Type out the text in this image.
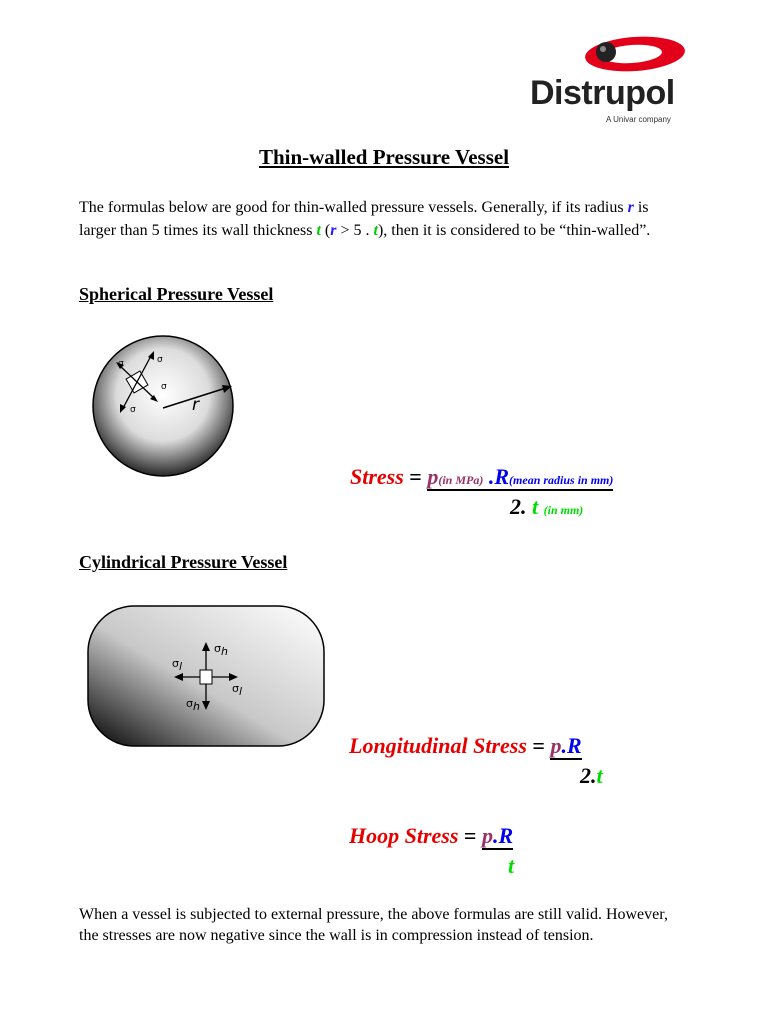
Distrupol
A Univar company
Thin-walled Pressure Vessel
The formulas below are good for thin-walled pressure vessels. Generally, if its radius r is larger than 5 times its wall thickness t (r > 5 . t), then it is considered to be “thin-walled”.
Spherical Pressure Vessel
σ	σ
σ
σ	r
Stress = p(in MPa) .R(mean radius in mm)
2. t (in mm)
Cylindrical Pressure Vessel
σh
σl
σl
σh
Longitudinal Stress = p.R
2.t
Hoop Stress = p.R
t
When a vessel is subjected to external pressure, the above formulas are still valid. However, the stresses are now negative since the wall is in compression instead of tension.
